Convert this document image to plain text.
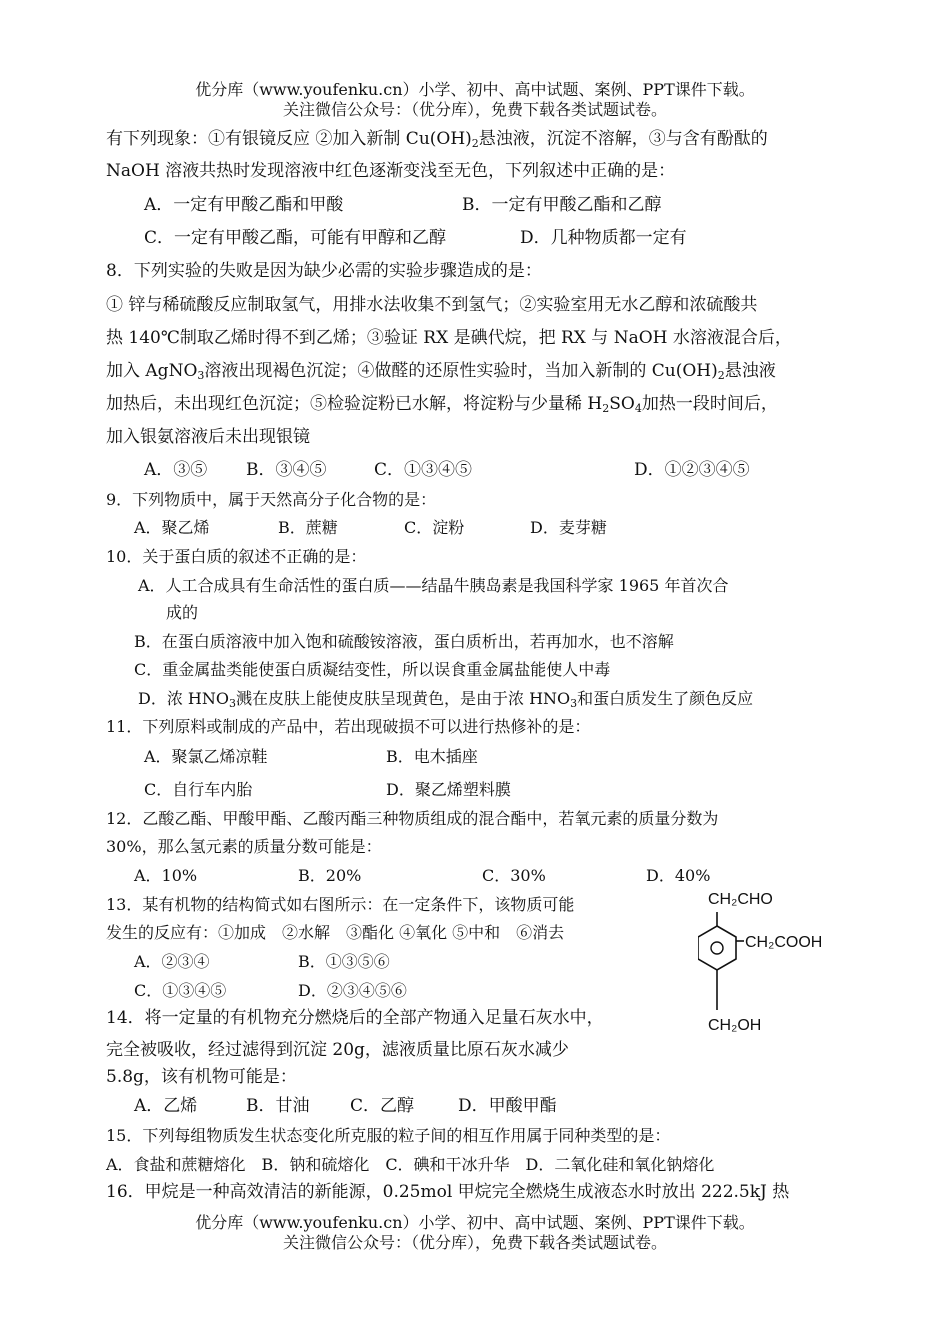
优分库（www.youfenku.cn）小学、初中、高中试题、案例、PPT课件下载。
关注微信公众号：（优分库），免费下载各类试题试卷。
有下列现象：①有银镜反应 ②加入新制 $Cu(OH)_2$悬浊液，沉淀不溶解，③与含有酚酞的
NaOH 溶液共热时发现溶液中红色逐渐变浅至无色，下列叙述中正确的是：
A．一定有甲酸乙酯和甲酸	B．一定有甲酸乙酯和乙醇
C．一定有甲酸乙酯，可能有甲醇和乙醇	D．几种物质都一定有
8．下列实验的失败是因为缺少必需的实验步骤造成的是：
① 锌与稀硫酸反应制取氢气，用排水法收集不到氢气；②实验室用无水乙醇和浓硫酸共
热 140℃制取乙烯时得不到乙烯；③验证 RX 是碘代烷，把 RX 与 NaOH 水溶液混合后，
加入 AgNO$_3$溶液出现褐色沉淀；④做醛的还原性实验时，当加入新制的 $Cu(OH)_2$悬浊液
加热后，未出现红色沉淀；⑤检验淀粉已水解，将淀粉与少量稀 $H_2SO_4$加热一段时间后，
加入银氨溶液后未出现银镜
A．③⑤ B．③④⑤	C．①③④⑤	D．①②③④⑤
9．下列物质中，属于天然高分子化合物的是：
A．聚乙烯	B．蔗糖	C．淀粉	D．麦芽糖
10．关于蛋白质的叙述不正确的是：
A．人工合成具有生命活性的蛋白质——结晶牛胰岛素是我国科学家 1965 年首次合
成的
B．在蛋白质溶液中加入饱和硫酸铵溶液，蛋白质析出，若再加水，也不溶解
C．重金属盐类能使蛋白质凝结变性，所以误食重金属盐能使人中毒
D．浓 $HNO_3$溅在皮肤上能使皮肤呈现黄色，是由于浓 $HNO_3$和蛋白质发生了颜色反应
11．下列原料或制成的产品中，若出现破损不可以进行热修补的是：
A．聚氯乙烯凉鞋	B．电木插座
C．自行车内胎	D．聚乙烯塑料膜
12．乙酸乙酯、甲酸甲酯、乙酸丙酯三种物质组成的混合酯中，若氧元素的质量分数为
30%，那么氢元素的质量分数可能是：
A．10%	B．20%	C．30%	D．40%
13．某有机物的结构简式如右图所示：在一定条件下，该物质可能
发生的反应有：①加成　②水解　③酯化 ④氧化 ⑤中和　⑥消去
A．②③④	B．①③⑤⑥
C．①③④⑤	D．②③④⑤⑥
CH₂CHO
CH₂COOH
CH₂OH
14．将一定量的有机物充分燃烧后的全部产物通入足量石灰水中，
完全被吸收，经过滤得到沉淀 20g，滤液质量比原石灰水减少
5.8g，该有机物可能是：
A．乙烯	B．甘油 C．乙醇	D．甲酸甲酯
15．下列每组物质发生状态变化所克服的粒子间的相互作用属于同种类型的是：
A．食盐和蔗糖熔化　B．钠和硫熔化　C．碘和干冰升华　D．二氧化硅和氧化钠熔化
16．甲烷是一种高效清洁的新能源，0.25mol 甲烷完全燃烧生成液态水时放出 222.5kJ 热
优分库（www.youfenku.cn）小学、初中、高中试题、案例、PPT课件下载。
关注微信公众号：（优分库），免费下载各类试题试卷。
